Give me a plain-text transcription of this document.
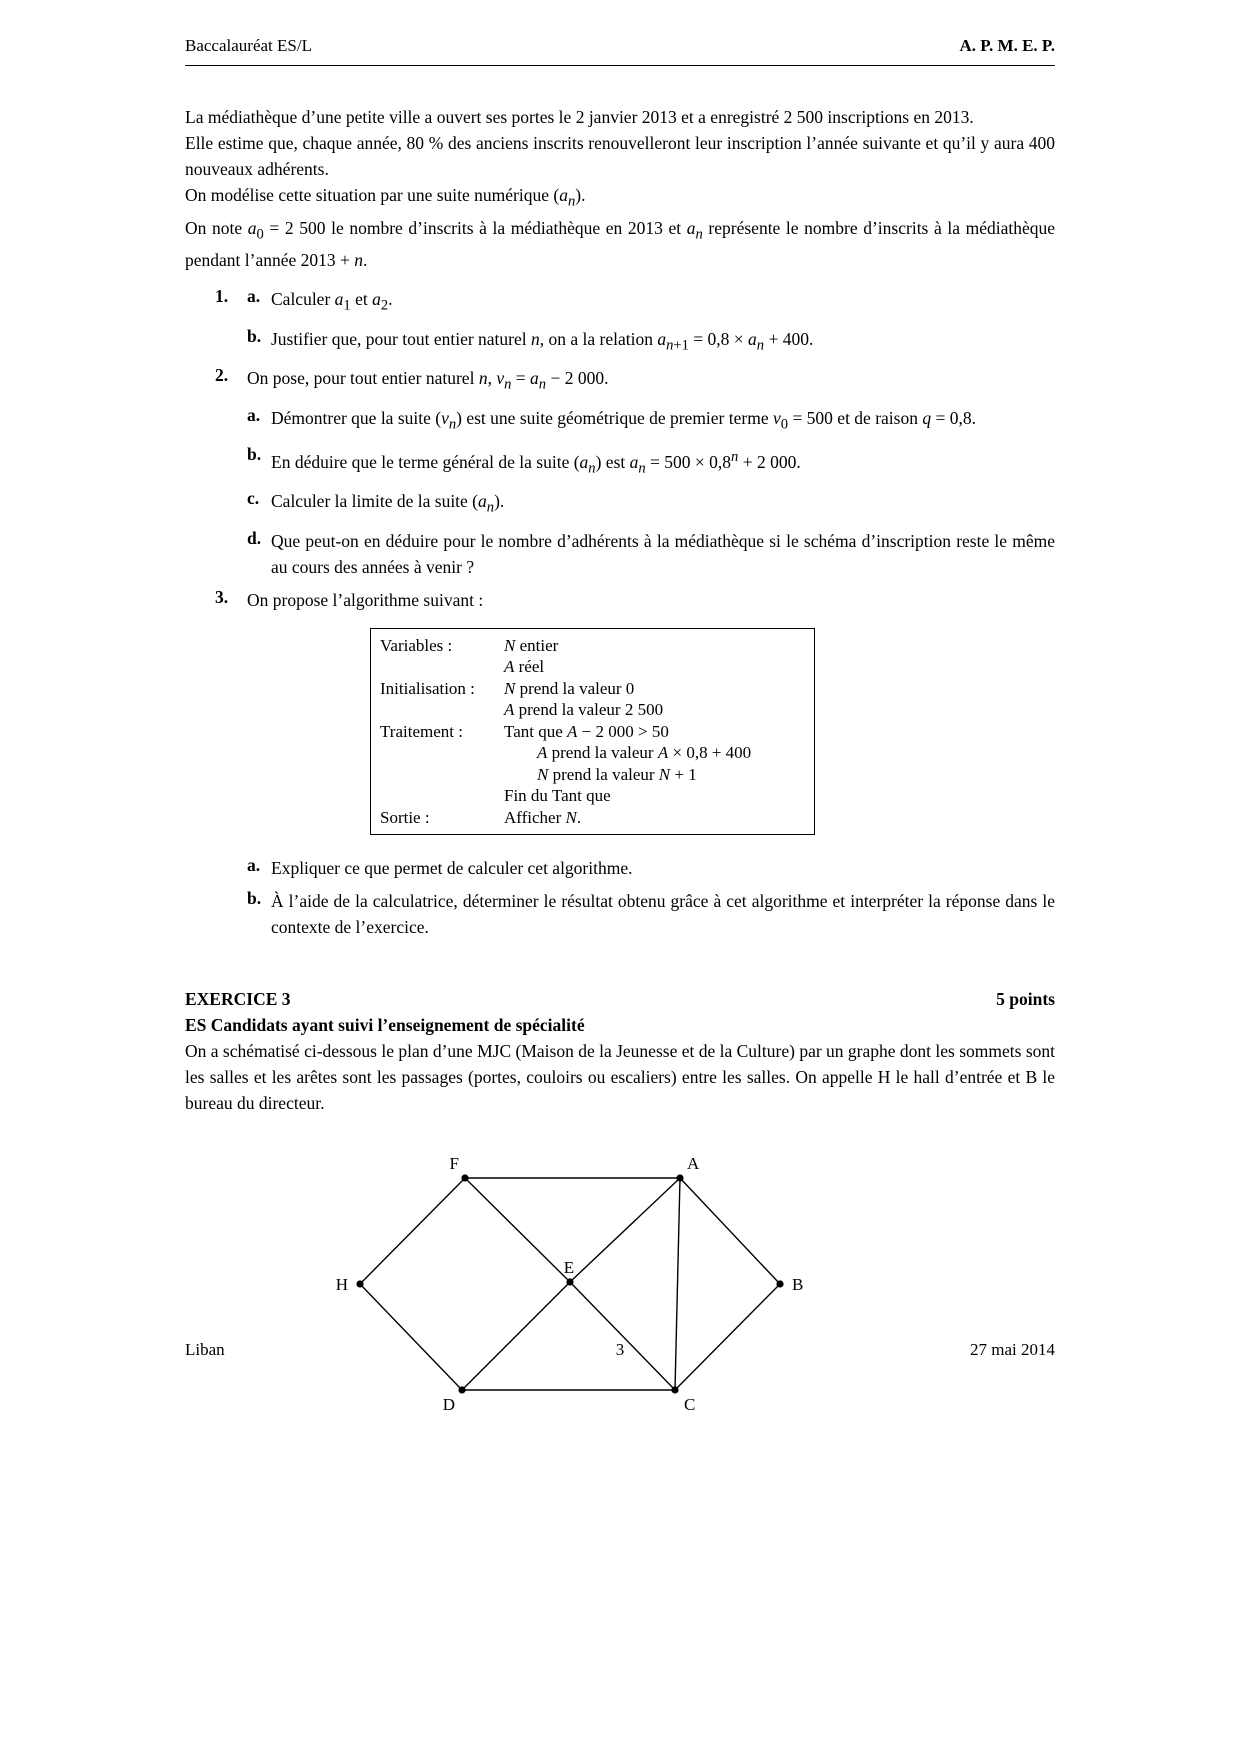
Baccalauréat ES/L	A. P. M. E. P.

La médiathèque d’une petite ville a ouvert ses portes le 2 janvier 2013 et a enregistré 2 500 inscriptions en 2013.

Elle estime que, chaque année, 80 % des anciens inscrits renouvelleront leur inscription l’année suivante et qu’il y aura 400 nouveaux adhérents.

On modélise cette situation par une suite numérique $(a_n)$.

On note $a_0 = 2$ 500 le nombre d’inscrits à la médiathèque en 2013 et $a_n$ représente le nombre d’inscrits à la médiathèque pendant l’année 2013 + n.

1.	a. Calculer $a_1$ et $a_2$.
b. Justifier que, pour tout entier naturel n, on a la relation $a_{n+1} = 0,8 \times a_n + 400$.
2.	On pose, pour tout entier naturel n, $v_n = a_n - 2$ 000.
a. Démontrer que la suite $(v_n)$ est une suite géométrique de premier terme $v_0 = 500$ et de raison q = 0,8.
b. En déduire que le terme général de la suite $(a_n)$ est $a_n = 500 \times 0,8^n + 2$ 000.
c. Calculer la limite de la suite $(a_n)$.
d. Que peut-on en déduire pour le nombre d’adhérents à la médiathèque si le schéma d’inscription reste le même au cours des années à venir ?
3.	On propose l’algorithme suivant :
Variables :	N entier
A réel
Initialisation :	N prend la valeur 0
A prend la valeur 2 500
Traitement :	Tant que A − 2 000 > 50
A prend la valeur A × 0,8 + 400
N prend la valeur N + 1
Fin du Tant que
Sortie :	Afficher N.
a. Expliquer ce que permet de calculer cet algorithme.
b. À l’aide de la calculatrice, déterminer le résultat obtenu grâce à cet algorithme et interpréter la réponse dans le contexte de l’exercice.
EXERCICE 3	5 points
ES Candidats ayant suivi l’enseignement de spécialité

On a schématisé ci-dessous le plan d’une MJC (Maison de la Jeunesse et de la Culture) par un graphe dont les sommets sont les salles et les arêtes sont les passages (portes, couloirs ou escaliers) entre les salles. On appelle H le hall d’entrée et B le bureau du directeur.

F	A
H
E
B
D	C
Liban	3	27 mai 2014
